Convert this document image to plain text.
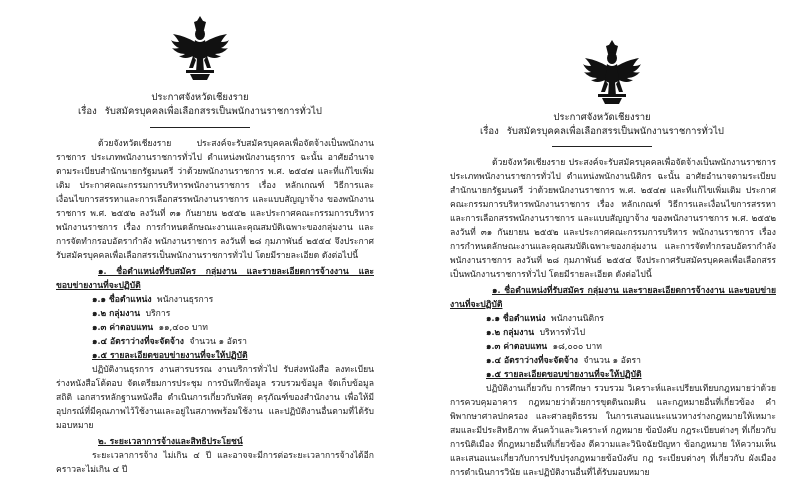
ประกาศจังหวัดเชียงราย
เรื่อง รับสมัครบุคคลเพื่อเลือกสรรเป็นพนักงานราชการทั่วไป

ด้วยจังหวัดเชียงราย ประสงค์จะรับสมัครบุคคลเพื่อจัดจ้างเป็นพนักงานราชการ ประเภทพนักงานราชการทั่วไป ตำแหน่งพนักงานธุรการ ฉะนั้น อาศัยอำนาจตามระเบียบสำนักนายกรัฐมนตรี ว่าด้วยพนักงานราชการ พ.ศ. ๒๕๔๗ และที่แก้ไขเพิ่มเติม ประกาศคณะกรรมการบริหารพนักงานราชการ เรื่อง หลักเกณฑ์ วิธีการและเงื่อนไขการสรรหาและการเลือกสรรพนักงานราชการ และแบบสัญญาจ้าง ของพนักงานราชการ พ.ศ. ๒๕๕๒ ลงวันที่ ๓๑ กันยายน ๒๕๕๒ และประกาศคณะกรรมการบริหาร พนักงานราชการ เรื่อง การกำหนดลักษณะงานและคุณสมบัติเฉพาะของกลุ่มงาน และการจัดทำกรอบอัตรากำลัง พนักงานราชการ ลงวันที่ ๒๘ กุมภาพันธ์ ๒๕๕๔ จึงประกาศรับสมัครบุคคลเพื่อเลือกสรรเป็นพนักงานราชการทั่วไป โดยมีรายละเอียด ดังต่อไปนี้

๑. ชื่อตำแหน่งที่รับสมัคร กลุ่มงาน และรายละเอียดการจ้างงาน และขอบข่ายงานที่จะปฏิบัติ

๑.๑ ชื่อตำแหน่ง พนักงานธุรการ

๑.๒ กลุ่มงาน บริการ

๑.๓ ค่าตอบแทน ๑๑,๔๐๐ บาท

๑.๔ อัตราว่างที่จะจัดจ้าง จำนวน ๑ อัตรา

๑.๕ รายละเอียดขอบข่ายงานที่จะให้ปฏิบัติ

ปฏิบัติงานธุรการ งานสารบรรณ งานบริการทั่วไป รับส่งหนังสือ ลงทะเบียน ร่างหนังสือโต้ตอบ จัดเตรียมการประชุม การบันทึกข้อมูล รวบรวมข้อมูล จัดเก็บข้อมูลสถิติ เอกสารหลักฐานหนังสือ ดำเนินการเกี่ยวกับพัสดุ ครุภัณฑ์ของสำนักงาน เพื่อให้มีอุปกรณ์ที่มีคุณภาพไว้ใช้งานและอยู่ในสภาพพร้อมใช้งาน และปฏิบัติงานอื่นตามที่ได้รับมอบหมาย

๒. ระยะเวลาการจ้างและสิทธิประโยชน์

ระยะเวลาการจ้าง ไม่เกิน ๔ ปี และอาจจะมีการต่อระยะเวลาการจ้างได้อีก คราวละไม่เกิน ๔ ปี

ประกาศจังหวัดเชียงราย
เรื่อง รับสมัครบุคคลเพื่อเลือกสรรเป็นพนักงานราชการทั่วไป

ด้วยจังหวัดเชียงราย ประสงค์จะรับสมัครบุคคลเพื่อจัดจ้างเป็นพนักงานราชการ ประเภทพนักงานราชการทั่วไป ตำแหน่งพนักงานนิติกร ฉะนั้น อาศัยอำนาจตามระเบียบสำนักนายกรัฐมนตรี ว่าด้วยพนักงานราชการ พ.ศ. ๒๕๔๗ และที่แก้ไขเพิ่มเติม ประกาศคณะกรรมการบริหารพนักงานราชการ เรื่อง หลักเกณฑ์ วิธีการและเงื่อนไขการสรรหาและการเลือกสรรพนักงานราชการ และแบบสัญญาจ้าง ของพนักงานราชการ พ.ศ. ๒๕๕๒ ลงวันที่ ๓๑ กันยายน ๒๕๕๒ และประกาศคณะกรรมการบริหาร พนักงานราชการ เรื่อง การกำหนดลักษณะงานและคุณสมบัติเฉพาะของกลุ่มงาน และการจัดทำกรอบอัตรากำลัง พนักงานราชการ ลงวันที่ ๒๘ กุมภาพันธ์ ๒๕๕๔ จึงประกาศรับสมัครบุคคลเพื่อเลือกสรรเป็นพนักงานราชการทั่วไป โดยมีรายละเอียด ดังต่อไปนี้

๑. ชื่อตำแหน่งที่รับสมัคร กลุ่มงาน และรายละเอียดการจ้างงาน และขอบข่ายงานที่จะปฏิบัติ

๑.๑ ชื่อตำแหน่ง พนักงานนิติกร

๑.๒ กลุ่มงาน บริหารทั่วไป

๑.๓ ค่าตอบแทน ๑๘,๐๐๐ บาท

๑.๔ อัตราว่างที่จะจัดจ้าง จำนวน ๑ อัตรา

๑.๕ รายละเอียดขอบข่ายงานที่จะให้ปฏิบัติ

ปฏิบัติงานเกี่ยวกับ การศึกษา รวบรวม วิเคราะห์และเปรียบเทียบกฎหมายว่าด้วย การควบคุมอาคาร กฎหมายว่าด้วยการขุดดินถมดิน และกฎหมายอื่นที่เกี่ยวข้อง คำพิพากษาศาลปกครอง และศาลยุติธรรม ในการเสนอแนะแนวทางร่างกฎหมายให้เหมาะสมและมีประสิทธิภาพ ค้นคว้าและวิเคราะห์ กฎหมาย ข้อบังคับ กฎระเบียบต่างๆ ที่เกี่ยวกับการนิติเมือง ที่กฎหมายอื่นที่เกี่ยวข้อง ตีความและวินิจฉัยปัญหา ข้อกฎหมาย ให้ความเห็นและเสนอแนะเกี่ยวกับการปรับปรุงกฎหมายข้อบังคับ กฎ ระเบียบต่างๆ ที่เกี่ยวกับ ผังเมือง การดำเนินการวินัย และปฏิบัติงานอื่นที่ได้รับมอบหมาย
